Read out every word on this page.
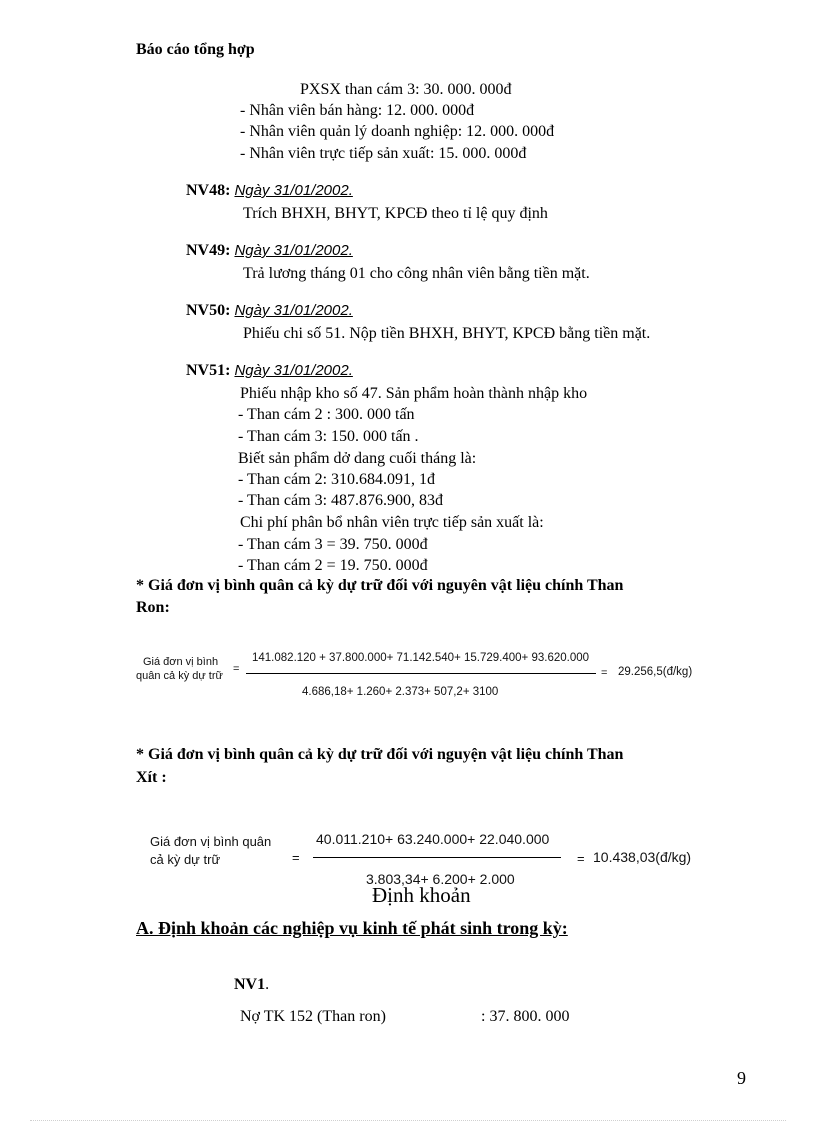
Báo cáo tổng hợp
PXSX than cám 3: 30. 000. 000đ
- Nhân viên bán hàng: 12. 000. 000đ
- Nhân viên quản lý doanh nghiệp: 12. 000. 000đ
- Nhân viên trực tiếp sản xuất: 15. 000. 000đ
NV48: Ngày 31/01/2002.
Trích BHXH, BHYT, KPCĐ theo tỉ lệ quy định
NV49: Ngày 31/01/2002.
Trả lương tháng 01 cho công nhân viên bằng tiền mặt.
NV50: Ngày 31/01/2002.
Phiếu chi số 51. Nộp tiền BHXH, BHYT, KPCĐ bằng tiền mặt.
NV51: Ngày 31/01/2002.
Phiếu nhập kho số 47. Sản phẩm hoàn thành nhập kho
- Than cám 2 : 300. 000 tấn
- Than cám 3: 150. 000 tấn .
Biết sản phẩm dở dang cuối tháng là:
- Than cám 2: 310.684.091, 1đ
- Than cám 3: 487.876.900, 83đ
Chi phí phân bổ nhân viên trực tiếp sản xuất là:
- Than cám 3 = 39. 750. 000đ
- Than cám 2 = 19. 750. 000đ
* Giá đơn vị bình quân cả kỳ dự trữ đối với nguyên vật liệu chính Than
Ron:
Giá đơn vị bình
quân cả kỳ dự trữ
=
141.082.120 + 37.800.000+ 71.142.540+ 15.729.400+ 93.620.000
4.686,18+ 1.260+ 2.373+ 507,2+ 3100
= 29.256,5(đ/kg)
* Giá đơn vị bình quân cả kỳ dự trữ đối với nguyện vật liệu chính Than
Xít :
Giá đơn vị bình quân
cả kỳ dự trữ	=
40.011.210+ 63.240.000+ 22.040.000
3.803,34+ 6.200+ 2.000
= 10.438,03(đ/kg)
Định khoản
A. Định khoản các nghiệp vụ kinh tế phát sinh trong kỳ:
NV1.
Nợ TK 152 (Than ron)	: 37. 800. 000
9
